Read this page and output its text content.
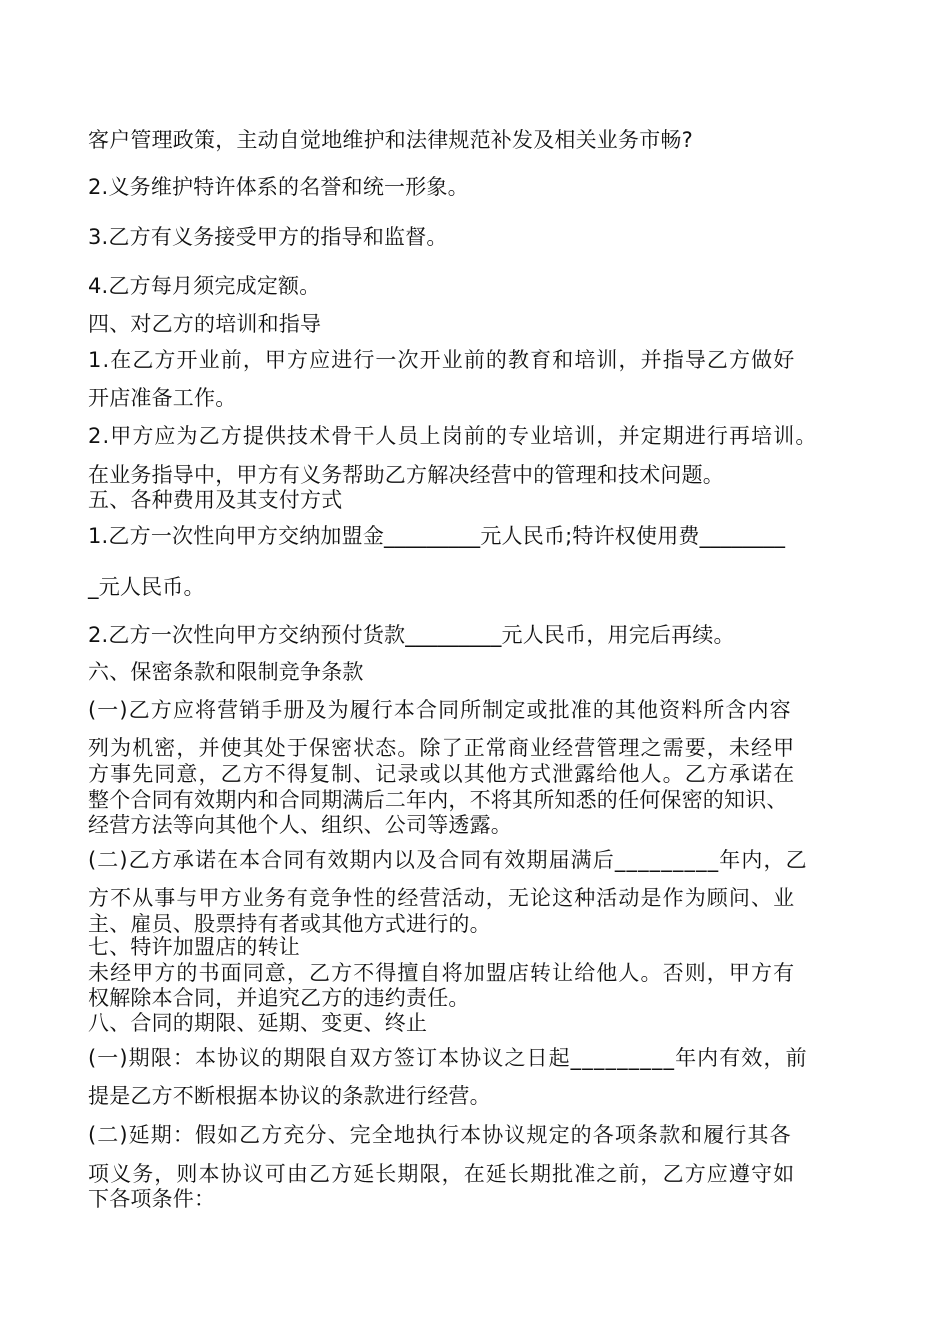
客户管理政策，主动自觉地维护和法律规范补发及相关业务市畅?
2.义务维护特许体系的名誉和统一形象。
3.乙方有义务接受甲方的指导和监督。
4.乙方每月须完成定额。
四、对乙方的培训和指导
1.在乙方开业前，甲方应进行一次开业前的教育和培训，并指导乙方做好
开店准备工作。
2.甲方应为乙方提供技术骨干人员上岗前的专业培训，并定期进行再培训。
在业务指导中，甲方有义务帮助乙方解决经营中的管理和技术问题。
五、各种费用及其支付方式
1.乙方一次性向甲方交纳加盟金_________元人民币;特许权使用费________
_元人民币。
2.乙方一次性向甲方交纳预付货款_________元人民币，用完后再续。
六、保密条款和限制竞争条款
(一)乙方应将营销手册及为履行本合同所制定或批准的其他资料所含内容
列为机密，并使其处于保密状态。除了正常商业经营管理之需要，未经甲
方事先同意，乙方不得复制、记录或以其他方式泄露给他人。乙方承诺在
整个合同有效期内和合同期满后二年内，不将其所知悉的任何保密的知识、
经营方法等向其他个人、组织、公司等透露。
(二)乙方承诺在本合同有效期内以及合同有效期届满后_________年内，乙
方不从事与甲方业务有竞争性的经营活动，无论这种活动是作为顾问、业
主、雇员、股票持有者或其他方式进行的。
七、特许加盟店的转让
未经甲方的书面同意，乙方不得擅自将加盟店转让给他人。否则，甲方有
权解除本合同，并追究乙方的违约责任。
八、合同的期限、延期、变更、终止
(一)期限：本协议的期限自双方签订本协议之日起_________年内有效，前
提是乙方不断根据本协议的条款进行经营。
(二)延期：假如乙方充分、完全地执行本协议规定的各项条款和履行其各
项义务，则本协议可由乙方延长期限，在延长期批准之前，乙方应遵守如
下各项条件：
